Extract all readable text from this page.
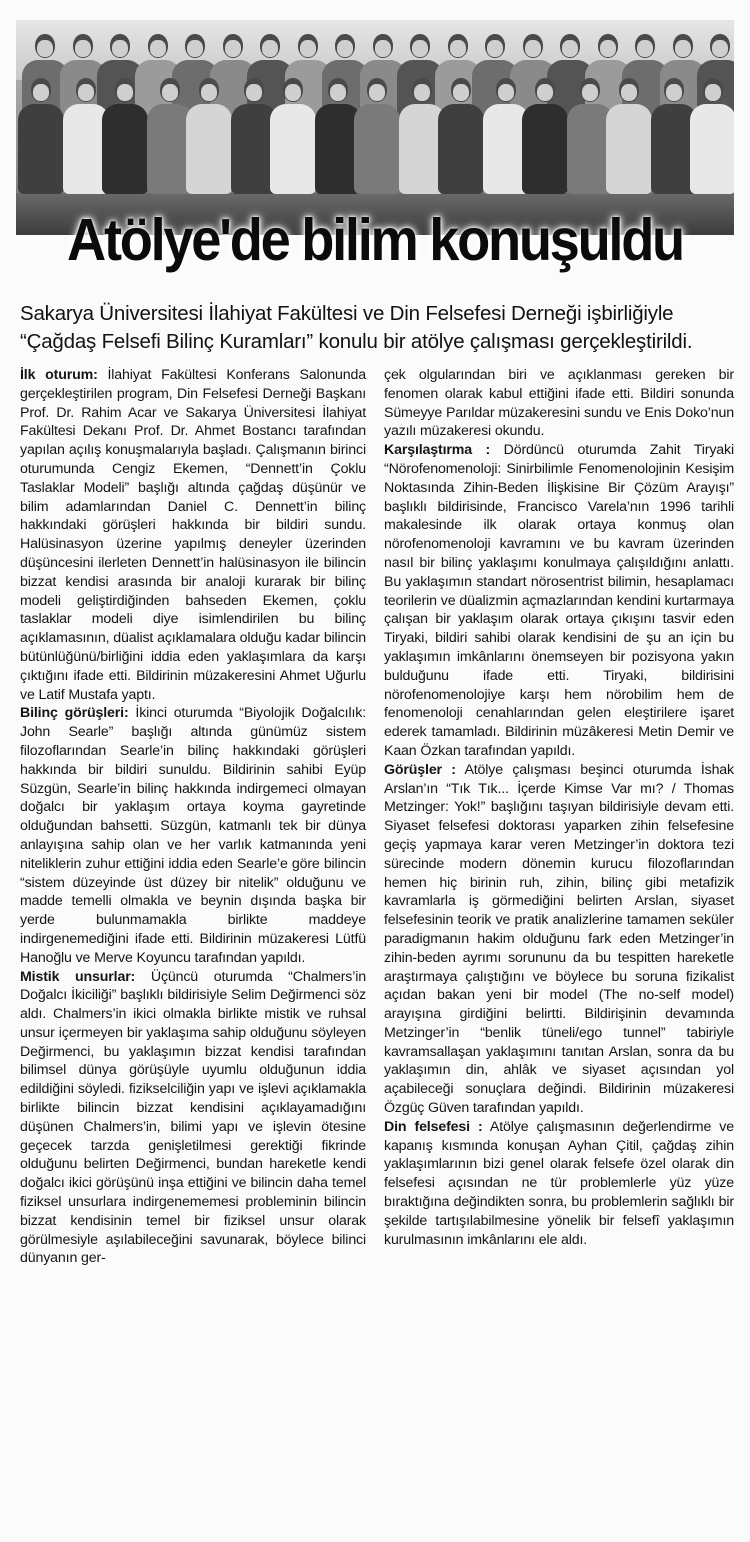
Atölye'de bilim konuşuldu
Sakarya Üniversitesi İlahiyat Fakültesi ve Din Felsefesi Derneği işbirliğiyle
“Çağdaş Felsefi Bilinç Kuramları” konulu bir atölye çalışması gerçekleştirildi.

İlk oturum: İlahiyat Fakültesi Konferans Salonunda gerçekleştirilen program, Din Felsefesi Derneği Başkanı Prof. Dr. Rahim Acar ve Sakarya Üniversitesi İlahiyat Fakültesi Dekanı Prof. Dr. Ahmet Bostancı tarafından yapılan açılış konuşmalarıyla başladı. Çalışmanın birinci oturumunda Cengiz Ekemen, “Dennett’in Çoklu Taslaklar Modeli” başlığı altında çağdaş düşünür ve bilim adamlarından Daniel C. Dennett’in bilinç hakkındaki görüşleri hakkında bir bildiri sundu. Halüsinasyon üzerine yapılmış deneyler üzerinden düşüncesini ilerleten Dennett’in halüsinasyon ile bilincin bizzat kendisi arasında bir analoji kurarak bir bilinç modeli geliştirdiğinden bahseden Ekemen, çoklu taslaklar modeli diye isimlendirilen bu bilinç açıklamasının, düalist açıklamalara olduğu kadar bilincin bütünlüğünü/birliğini iddia eden yaklaşımlara da karşı çıktığını ifade etti. Bildirinin müzakeresini Ahmet Uğurlu ve Latif Mustafa yaptı.

Bilinç görüşleri: İkinci oturumda “Biyolojik Doğalcılık: John Searle” başlığı altında günümüz sistem filozoflarından Searle’in bilinç hakkındaki görüşleri hakkında bir bildiri sunuldu. Bildirinin sahibi Eyüp Süzgün, Searle’in bilinç hakkında indirgemeci olmayan doğalcı bir yaklaşım ortaya koyma gayretinde olduğundan bahsetti. Süzgün, katmanlı tek bir dünya anlayışına sahip olan ve her varlık katmanında yeni niteliklerin zuhur ettiğini iddia eden Searle’e göre bilincin “sistem düzeyinde üst düzey bir nitelik” olduğunu ve madde temelli olmakla ve beynin dışında başka bir yerde bulunmamakla birlikte maddeye indirgenemediğini ifade etti. Bildirinin müzakeresi Lütfü Hanoğlu ve Merve Koyuncu tarafından yapıldı.

Mistik unsurlar: Üçüncü oturumda “Chalmers’in Doğalcı İkiciliği” başlıklı bildirisiyle Selim Değirmenci söz aldı. Chalmers’in ikici olmakla birlikte mistik ve ruhsal unsur içermeyen bir yaklaşıma sahip olduğunu söyleyen Değirmenci, bu yaklaşımın bizzat kendisi tarafından bilimsel dünya görüşüyle uyumlu olduğunun iddia edildiğini söyledi. fizikselciliğin yapı ve işlevi açıklamakla birlikte bilincin bizzat kendisini açıklayamadığını düşünen Chalmers’in, bilimi yapı ve işlevin ötesine geçecek tarzda genişletilmesi gerektiği fikrinde olduğunu belirten Değirmenci, bundan hareketle kendi doğalcı ikici görüşünü inşa ettiğini ve bilincin daha temel fiziksel unsurlara indirgenememesi probleminin bilincin bizzat kendisinin temel bir fiziksel unsur olarak görülmesiyle aşılabileceğini savunarak, böylece bilinci dünyanın ger-

çek olgularından biri ve açıklanması gereken bir fenomen olarak kabul ettiğini ifade etti. Bildiri sonunda Sümeyye Parıldar müzakeresini sundu ve Enis Doko’nun yazılı müzakeresi okundu.

Karşılaştırma : Dördüncü oturumda Zahit Tiryaki “Nörofenomenoloji: Sinirbilimle Fenomenolojinin Kesişim Noktasında Zihin-Beden İlişkisine Bir Çözüm Arayışı” başlıklı bildirisinde, Francisco Varela’nın 1996 tarihli makalesinde ilk olarak ortaya konmuş olan nörofenomenoloji kavramını ve bu kavram üzerinden nasıl bir bilinç yaklaşımı konulmaya çalışıldığını anlattı. Bu yaklaşımın standart nörosentrist bilimin, hesaplamacı teorilerin ve düalizmin açmazlarından kendini kurtarmaya çalışan bir yaklaşım olarak ortaya çıkışını tasvir eden Tiryaki, bildiri sahibi olarak kendisini de şu an için bu yaklaşımın imkânlarını önemseyen bir pozisyona yakın bulduğunu ifade etti. Tiryaki, bildirisini nörofenomenolojiye karşı hem nörobilim hem de fenomenoloji cenahlarından gelen eleştirilere işaret ederek tamamladı. Bildirinin müzâkeresi Metin Demir ve Kaan Özkan tarafından yapıldı.

Görüşler : Atölye çalışması beşinci oturumda İshak Arslan’ın “Tık Tık... İçerde Kimse Var mı? / Thomas Metzinger: Yok!” başlığını taşıyan bildirisiyle devam etti. Siyaset felsefesi doktorası yaparken zihin felsefesine geçiş yapmaya karar veren Metzinger’in doktora tezi sürecinde modern dönemin kurucu filozoflarından hemen hiç birinin ruh, zihin, bilinç gibi metafizik kavramlarla iş görmediğini belirten Arslan, siyaset felsefesinin teorik ve pratik analizlerine tamamen seküler paradigmanın hakim olduğunu fark eden Metzinger’in zihin-beden ayrımı sorununu da bu tespitten hareketle araştırmaya çalıştığını ve böylece bu soruna fizikalist açıdan bakan yeni bir model (The no-self model) arayışına girdiğini belirtti. Bildirişinin devamında Metzinger’in “benlik tüneli/ego tunnel” tabiriyle kavramsallaşan yaklaşımını tanıtan Arslan, sonra da bu yaklaşımın din, ahlâk ve siyaset açısından yol açabileceği sonuçlara değindi. Bildirinin müzakeresi Özgüç Güven tarafından yapıldı.

Din felsefesi : Atölye çalışmasının değerlendirme ve kapanış kısmında konuşan Ayhan Çitil, çağdaş zihin yaklaşımlarının bizi genel olarak felsefe özel olarak din felsefesi açısından ne tür problemlerle yüz yüze bıraktığına değindikten sonra, bu problemlerin sağlıklı bir şekilde tartışılabilmesine yönelik bir felsefî yaklaşımın kurulmasının imkânlarını ele aldı.
